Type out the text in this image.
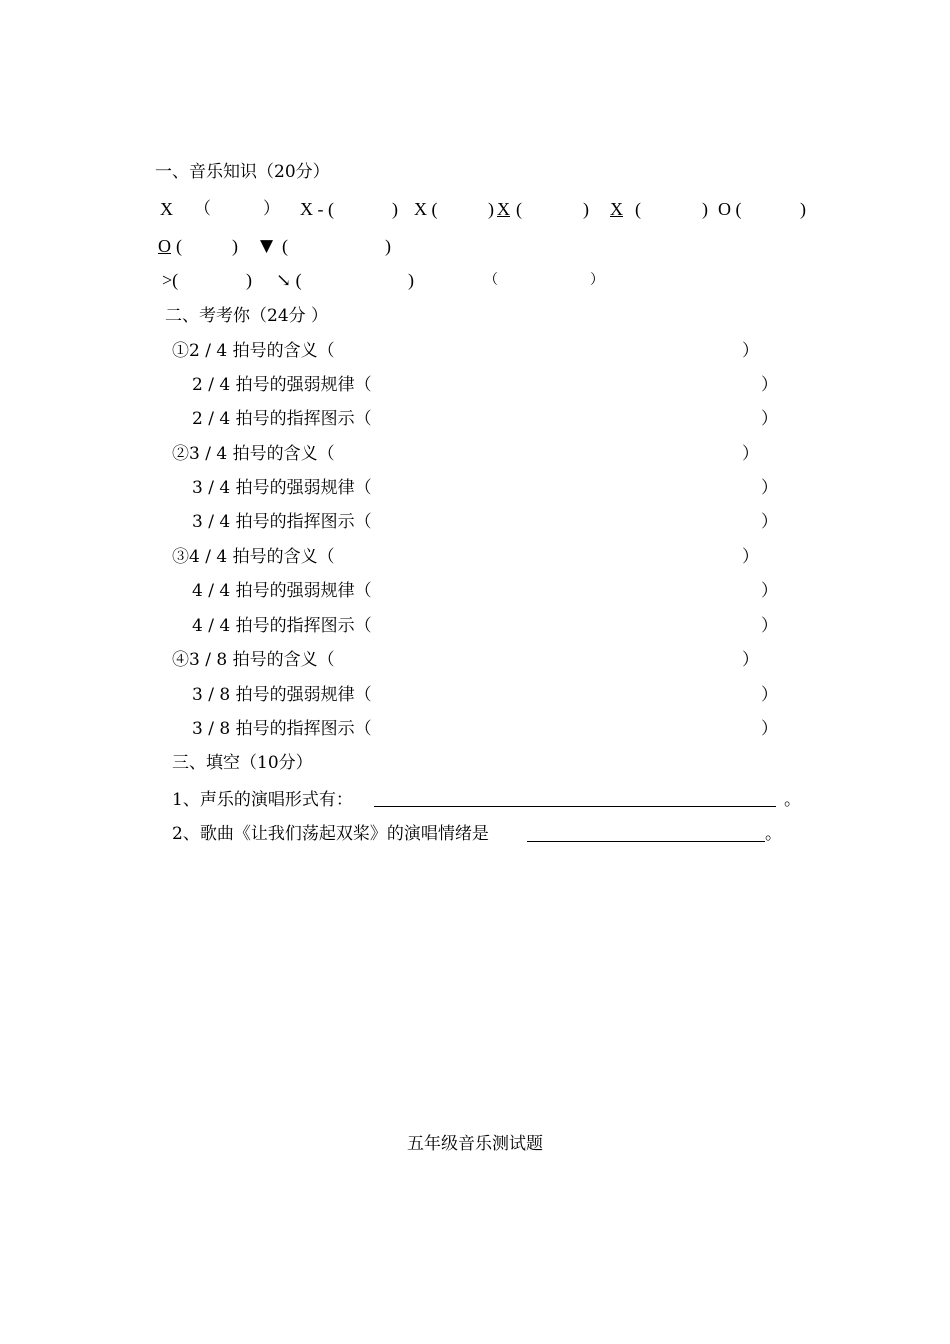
一、音乐知识（20分）
X （	） X - (	) X (	) X (	) X (	) O (	)
O (	) ▼ (	)
>(	) ↘ (	)	（	）
二、考考你（24分 ）
①2 / 4 拍号的含义（	）
2 / 4 拍号的强弱规律（	）
2 / 4 拍号的指挥图示（	）
②3 / 4 拍号的含义（	）
3 / 4 拍号的强弱规律（	）
3 / 4 拍号的指挥图示（	）
③4 / 4 拍号的含义（	）
4 / 4 拍号的强弱规律（	）
4 / 4 拍号的指挥图示（	）
④3 / 8 拍号的含义（	）
3 / 8 拍号的强弱规律（	）
3 / 8 拍号的指挥图示（	）
三、填空（10分）
1、声乐的演唱形式有：	。
2、歌曲《让我们荡起双桨》的演唱情绪是	。
五年级音乐测试题
